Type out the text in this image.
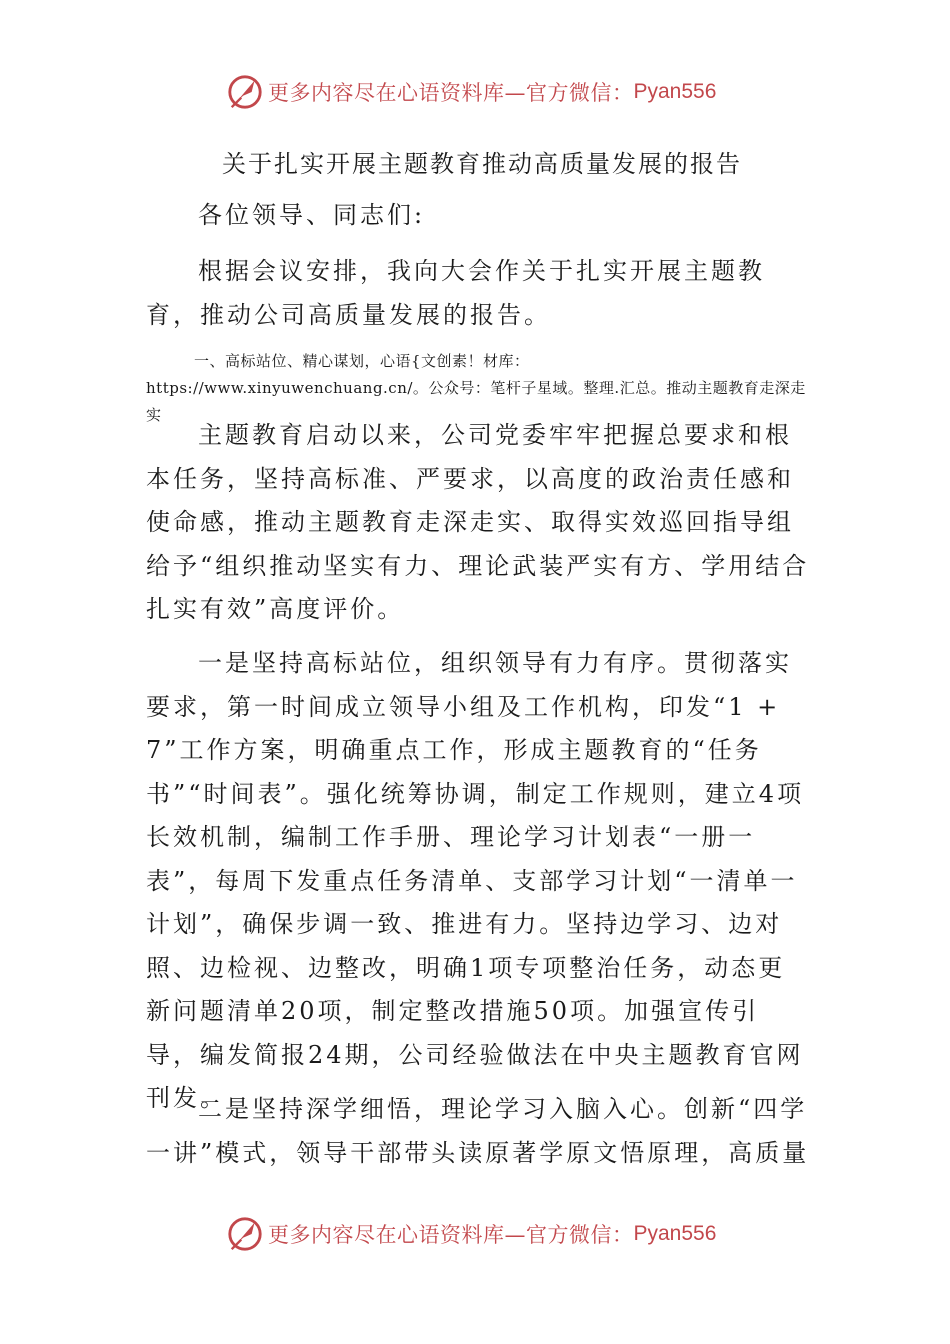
更多内容尽在心语资料库—官方微信： Pyan556
关于扎实开展主题教育推动高质量发展的报告

各位领导、同志们:

根据会议安排，我向大会作关于扎实开展主题教育，推动公司高质量发展的报告。

一、高标站位、精心谋划，心语{文创素！材库：https://www.xinyuwenchuang.cn/。公众号：笔杆子星域。整理.汇总。推动主题教育走深走实

主题教育启动以来，公司党委牢牢把握总要求和根本任务，坚持高标准、严要求，以高度的政治责任感和使命感，推动主题教育走深走实、取得实效巡回指导组给予“组织推动坚实有力、理论武装严实有方、学用结合扎实有效”高度评价。

一是坚持高标站位，组织领导有力有序。贯彻落实要求，第一时间成立领导小组及工作机构，印发“1 + 7”工作方案，明确重点工作，形成主题教育的“任务书”“时间表”。强化统筹协调，制定工作规则，建立4项长效机制，编制工作手册、理论学习计划表“一册一表”，每周下发重点任务清单、支部学习计划“一清单一计划”，确保步调一致、推进有力。坚持边学习、边对照、边检视、边整改，明确1项专项整治任务，动态更新问题清单20项，制定整改措施50项。加强宣传引导，编发简报24期，公司经验做法在中央主题教育官网刊发。

二是坚持深学细悟，理论学习入脑入心。创新“四学一讲”模式，领导干部带头读原著学原文悟原理，高质量

更多内容尽在心语资料库—官方微信： Pyan556
